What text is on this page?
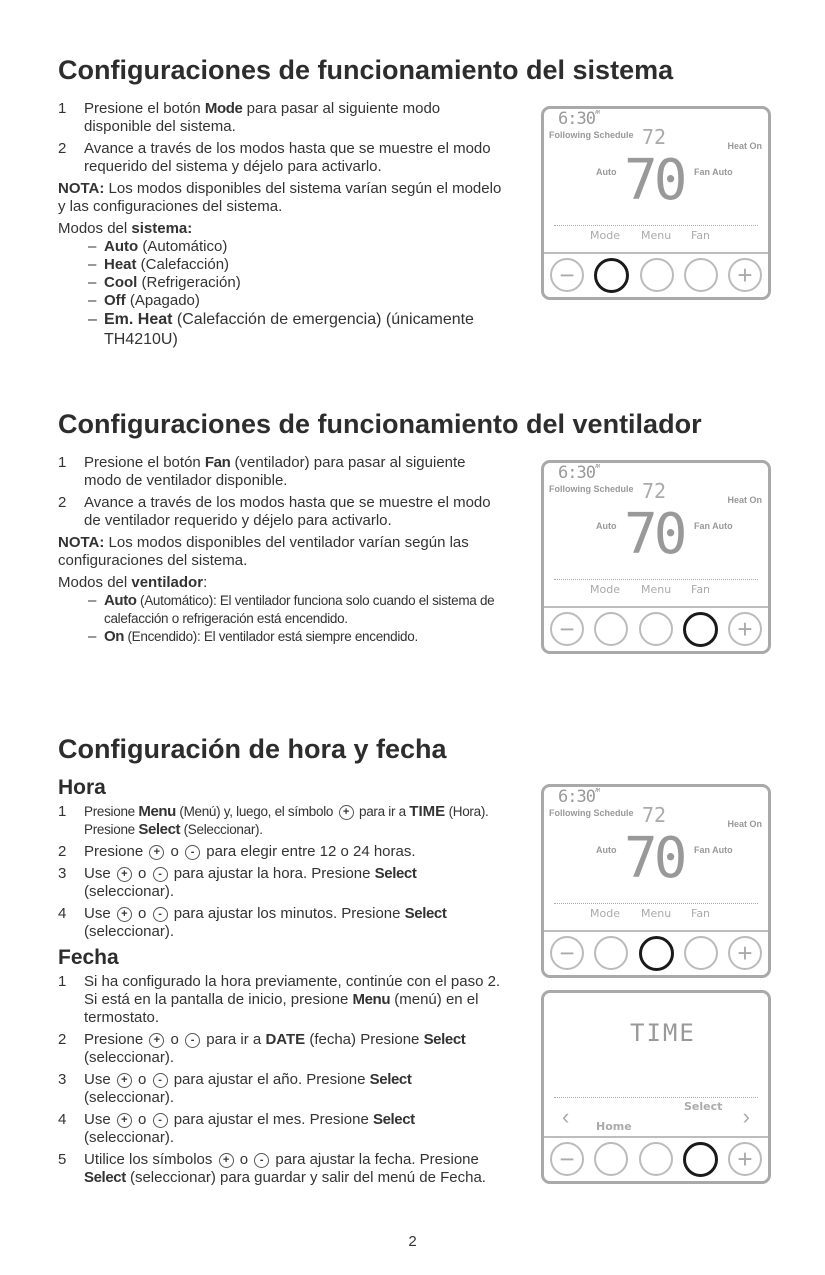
Configuraciones de funcionamiento del sistema
1 Presione el botón Mode para pasar al siguiente modo disponible del sistema.
2 Avance a través de los modos hasta que se muestre el modo requerido del sistema y déjelo para activarlo.
NOTA: Los modos disponibles del sistema varían según el modelo y las configuraciones del sistema.
Modos del sistema:
– Auto (Automático)
– Heat (Calefacción)
– Cool (Refrigeración)
– Off (Apagado)
– Em. Heat (Calefacción de emergencia) (únicamente TH4210U)
Configuraciones de funcionamiento del ventilador
1 Presione el botón Fan (ventilador) para pasar al siguiente modo de ventilador disponible.
2 Avance a través de los modos hasta que se muestre el modo de ventilador requerido y déjelo para activarlo.
NOTA: Los modos disponibles del ventilador varían según las configuraciones del sistema.
Modos del ventilador:
– Auto (Automático): El ventilador funciona solo cuando el sistema de calefacción o refrigeración está encendido.
– On (Encendido): El ventilador está siempre encendido.
Configuración de hora y fecha
Hora
1 Presione Menu (Menú) y, luego, el símbolo + para ir a TIME (Hora). Presione Select (Seleccionar).
2 Presione + o - para elegir entre 12 o 24 horas.
3 Use + o - para ajustar la hora. Presione Select (seleccionar).
4 Use + o - para ajustar los minutos. Presione Select (seleccionar).
Fecha
1 Si ha configurado la hora previamente, continúe con el paso 2. Si está en la pantalla de inicio, presione Menu (menú) en el termostato.
2 Presione + o - para ir a DATE (fecha) Presione Select (seleccionar).
3 Use + o - para ajustar el año. Presione Select (seleccionar).
4 Use + o - para ajustar el mes. Presione Select (seleccionar).
5 Utilice los símbolos + o - para ajustar la fecha. Presione Select (seleccionar) para guardar y salir del menú de Fecha.
2
$6:30^{AM}$
Following Schedule 72
70
Auto	Fan Auto
Heat On
Mode Menu Fan
−	+
$6:30^{AM}$
Following Schedule 72
70
Auto	Fan Auto
Heat On
Mode Menu Fan
−	+
$6:30^{AM}$
Following Schedule 72
70
Auto	Fan Auto
Heat On
Mode Menu Fan
−	+
TIME
Select
Home
‹	›
−	+
